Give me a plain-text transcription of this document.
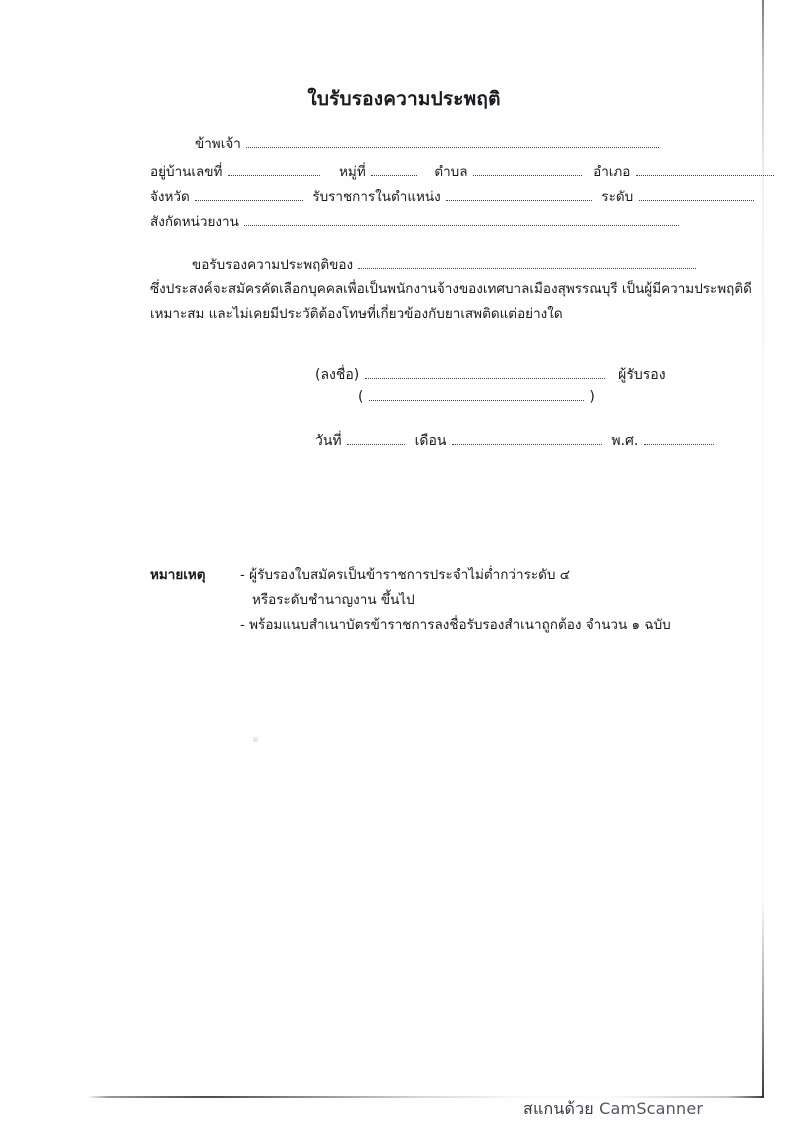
ใบรับรองความประพฤติ
ข้าพเจ้า
อยู่บ้านเลขที่	หมู่ที่	ตำบล	อำเภอ
จังหวัด	รับราชการในตำแหน่ง	ระดับ
สังกัดหน่วยงาน
ขอรับรองความประพฤติของ
ซึ่งประสงค์จะสมัครคัดเลือกบุคคลเพื่อเป็นพนักงานจ้างของเทศบาลเมืองสุพรรณบุรี เป็นผู้มีความประพฤติดี
เหมาะสม และไม่เคยมีประวัติต้องโทษที่เกี่ยวข้องกับยาเสพติดแต่อย่างใด
(ลงชื่อ)	ผู้รับรอง
(	)
วันที่	เดือน	พ.ศ.
หมายเหตุ	- ผู้รับรองใบสมัครเป็นข้าราชการประจำไม่ต่ำกว่าระดับ ๔
หรือระดับชำนาญงาน ขึ้นไป
- พร้อมแนบสำเนาบัตรข้าราชการลงชื่อรับรองสำเนาถูกต้อง จำนวน ๑ ฉบับ
สแกนด้วย CamScanner
